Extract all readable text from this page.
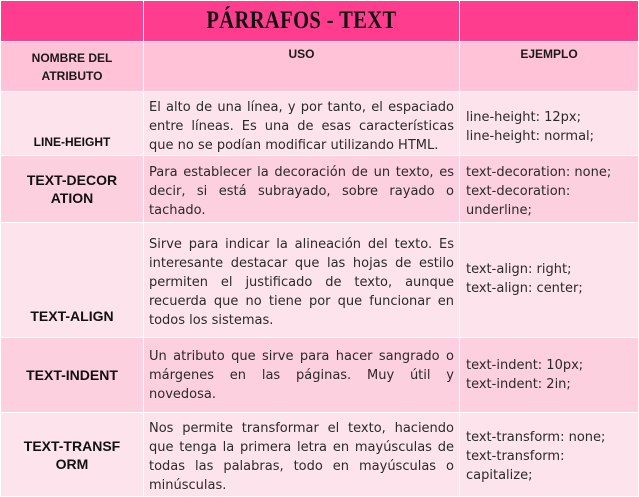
	PÁRRAFOS - TEXT	

NOMBRE DEL ATRIBUTO	USO	EJEMPLO
LINE-HEIGHT	El alto de una línea, y por tanto, el espaciado entre líneas. Es una de esas características que no se podían modificar utilizando HTML.	line-height: 12px;
line-height: normal;

TEXT-DECORATION	Para establecer la decoración de un texto, es decir, si está subrayado, sobre rayado o tachado.	text-decoration: none;
text-decoration: underline;

TEXT-ALIGN	Sirve para indicar la alineación del texto. Es interesante destacar que las hojas de estilo permiten el justificado de texto, aunque recuerda que no tiene por que funcionar en todos los sistemas.	text-align: right;
text-align: center;

TEXT-INDENT	Un atributo que sirve para hacer sangrado o márgenes en las páginas. Muy útil y novedosa.	text-indent: 10px;
text-indent: 2in;

TEXT-TRANSFORM	Nos permite transformar el texto, haciendo que tenga la primera letra en mayúsculas de todas las palabras, todo en mayúsculas o minúsculas.	text-transform: none;
text-transform: capitalize;
